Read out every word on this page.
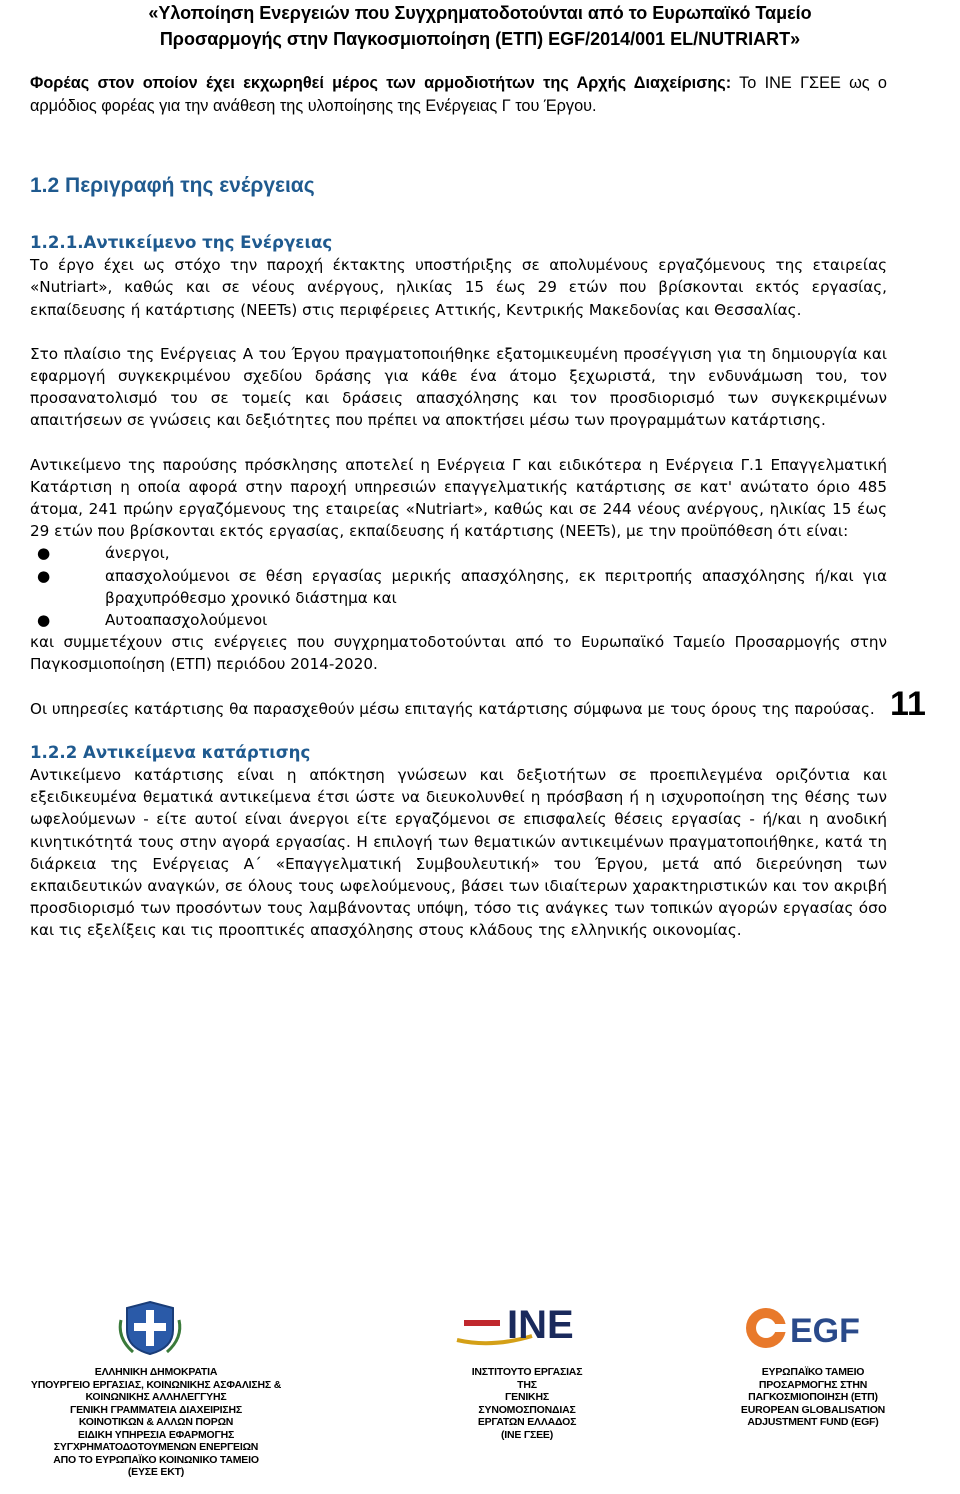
«Υλοποίηση Ενεργειών που Συγχρηματοδοτούνται από το Ευρωπαϊκό Ταμείο
Προσαρμογής στην Παγκοσμιοποίηση (ΕΤΠ) EGF/2014/001 EL/NUTRIART»
Φορέας στον οποίον έχει εκχωρηθεί μέρος των αρμοδιοτήτων της Αρχής Διαχείρισης: Το ΙΝΕ ΓΣΕΕ ως ο αρμόδιος φορέας για την ανάθεση της υλοποίησης της Ενέργειας Γ του Έργου.
1.2 Περιγραφή της ενέργειας
1.2.1.Αντικείμενο της Ενέργειας

Το έργο έχει ως στόχο την παροχή έκτακτης υποστήριξης σε απολυμένους εργαζόμενους της εταιρείας «Nutriart», καθώς και σε νέους ανέργους, ηλικίας 15 έως 29 ετών που βρίσκονται εκτός εργασίας, εκπαίδευσης ή κατάρτισης (NEETs) στις περιφέρειες Αττικής, Κεντρικής Μακεδονίας και Θεσσαλίας.

Στο πλαίσιο της Ενέργειας Α του Έργου πραγματοποιήθηκε εξατομικευμένη προσέγγιση για τη δημιουργία και εφαρμογή συγκεκριμένου σχεδίου δράσης για κάθε ένα άτομο ξεχωριστά, την ενδυνάμωση του, τον προσανατολισμό του σε τομείς και δράσεις απασχόλησης και τον προσδιορισμό των συγκεκριμένων απαιτήσεων σε γνώσεις και δεξιότητες που πρέπει να αποκτήσει μέσω των προγραμμάτων κατάρτισης.

Αντικείμενο της παρούσης πρόσκλησης αποτελεί η Ενέργεια Γ και ειδικότερα η Ενέργεια Γ.1 Επαγγελματική Κατάρτιση η οποία αφορά στην παροχή υπηρεσιών επαγγελματικής κατάρτισης σε κατ' ανώτατο όριο 485 άτομα, 241 πρώην εργαζόμενους της εταιρείας «Nutriart», καθώς και σε 244 νέους ανέργους, ηλικίας 15 έως 29 ετών που βρίσκονται εκτός εργασίας, εκπαίδευσης ή κατάρτισης (NEETs), με την προϋπόθεση ότι είναι:

●	άνεργοι,
●	απασχολούμενοι σε θέση εργασίας μερικής απασχόλησης, εκ περιτροπής απασχόλησης ή/και για βραχυπρόθεσμο χρονικό διάστημα και
●	Αυτοαπασχολούμενοι

και συμμετέχουν στις ενέργειες που συγχρηματοδοτούνται από το Ευρωπαϊκό Ταμείο Προσαρμογής στην Παγκοσμιοποίηση (ΕΤΠ) περιόδου 2014-2020.

Οι υπηρεσίες κατάρτισης θα παρασχεθούν μέσω επιταγής κατάρτισης σύμφωνα με τους όρους της παρούσας.

1.2.2 Αντικείμενα κατάρτισης

Αντικείμενο κατάρτισης είναι η απόκτηση γνώσεων και δεξιοτήτων σε προεπιλεγμένα οριζόντια και εξειδικευμένα θεματικά αντικείμενα έτσι ώστε να διευκολυνθεί η πρόσβαση ή η ισχυροποίηση της θέσης των ωφελούμενων - είτε αυτοί είναι άνεργοι είτε εργαζόμενοι σε επισφαλείς θέσεις εργασίας - ή/και η ανοδική κινητικότητά τους στην αγορά εργασίας. Η επιλογή των θεματικών αντικειμένων πραγματοποιήθηκε, κατά τη διάρκεια της Ενέργειας Α΄ «Επαγγελματική Συμβουλευτική» του Έργου, μετά από διερεύνηση των εκπαιδευτικών αναγκών, σε όλους τους ωφελούμενους, βάσει των ιδιαίτερων χαρακτηριστικών και τον ακριβή προσδιορισμό των προσόντων τους λαμβάνοντας υπόψη, τόσο τις ανάγκες των τοπικών αγορών εργασίας όσο και τις εξελίξεις και τις προοπτικές απασχόλησης στους κλάδους της ελληνικής οικονομίας.

11
ΕΛΛΗΝΙΚΗ ΔΗΜΟΚΡΑΤΙΑ
ΥΠΟΥΡΓΕΙΟ ΕΡΓΑΣΙΑΣ, ΚΟΙΝΩΝΙΚΗΣ ΑΣΦΑΛΙΣΗΣ &
ΚΟΙΝΩΝΙΚΗΣ ΑΛΛΗΛΕΓΓΥΗΣ
ΓΕΝΙΚΗ ΓΡΑΜΜΑΤΕΙΑ ΔΙΑΧΕΙΡΙΣΗΣ
ΚΟΙΝΟΤΙΚΩΝ & ΑΛΛΩΝ ΠΟΡΩΝ
ΕΙΔΙΚΗ ΥΠΗΡΕΣΙΑ ΕΦΑΡΜΟΓΗΣ
ΣΥΓΧΡΗΜΑΤΟΔΟΤΟΥΜΕΝΩΝ ΕΝΕΡΓΕΙΩΝ
ΑΠΟ ΤΟ ΕΥΡΩΠΑΪΚΟ ΚΟΙΝΩΝΙΚΟ ΤΑΜΕΙΟ
(ΕΥΣΕ ΕΚΤ)
INE
ΙΝΣΤΙΤΟΥΤΟ ΕΡΓΑΣΙΑΣ
ΤΗΣ
ΓΕΝΙΚΗΣ
ΣΥΝΟΜΟΣΠΟΝΔΙΑΣ
ΕΡΓΑΤΩΝ ΕΛΛΑΔΟΣ
(ΙΝΕ ΓΣΕΕ)
EGF
ΕΥΡΩΠΑΪΚΟ ΤΑΜΕΙΟ
ΠΡΟΣΑΡΜΟΓΗΣ ΣΤΗΝ
ΠΑΓΚΟΣΜΙΟΠΟΙΗΣΗ (ΕΤΠ)
EUROPEAN GLOBALISATION
ADJUSTMENT FUND (EGF)
